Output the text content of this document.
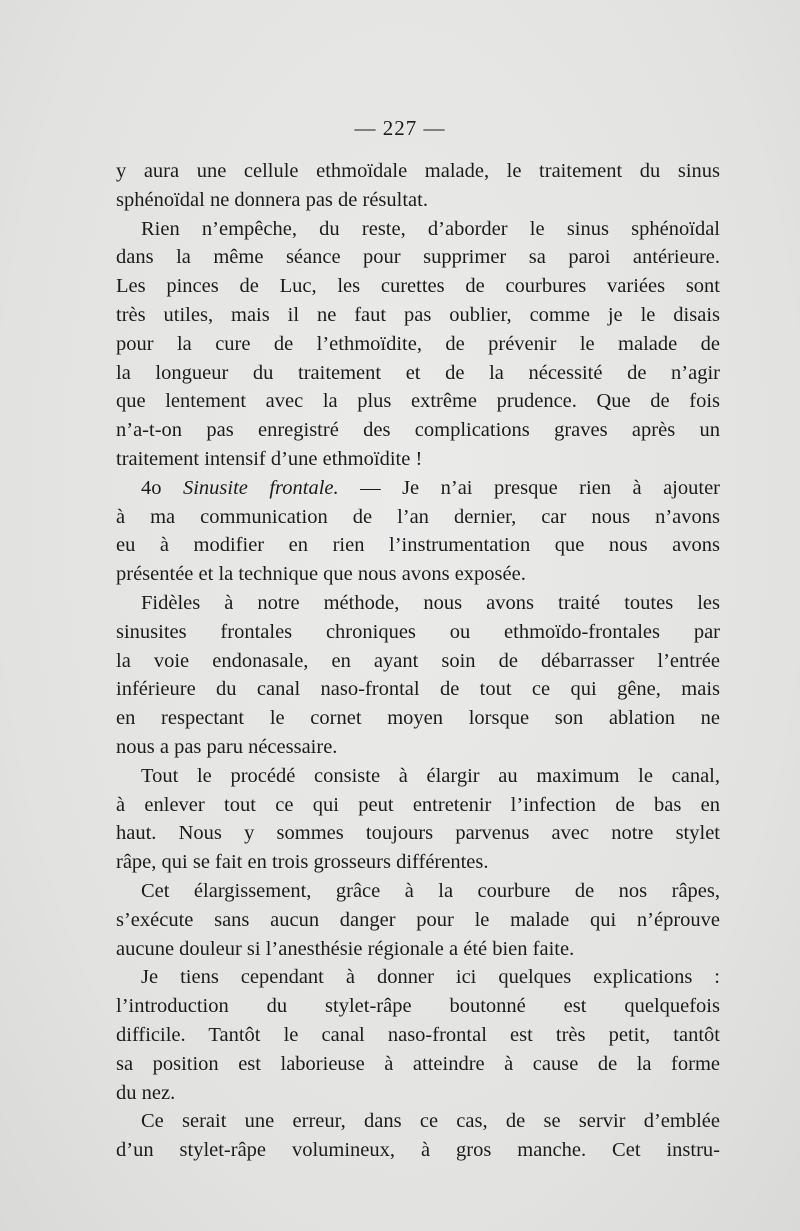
— 227 —
y aura une cellule ethmoïdale malade, le traitement du sinus
sphénoïdal ne donnera pas de résultat.
Rien n’empêche, du reste, d’aborder le sinus sphénoïdal
dans la même séance pour supprimer sa paroi antérieure.
Les pinces de Luc, les curettes de courbures variées sont
très utiles, mais il ne faut pas oublier, comme je le disais
pour la cure de l’ethmoïdite, de prévenir le malade de
la longueur du traitement et de la nécessité de n’agir
que lentement avec la plus extrême prudence. Que de fois
n’a-t-on pas enregistré des complications graves après un
traitement intensif d’une ethmoïdite !
4o Sinusite frontale. — Je n’ai presque rien à ajouter
à ma communication de l’an dernier, car nous n’avons
eu à modifier en rien l’instrumentation que nous avons
présentée et la technique que nous avons exposée.
Fidèles à notre méthode, nous avons traité toutes les
sinusites frontales chroniques ou ethmoïdo-frontales par
la voie endonasale, en ayant soin de débarrasser l’entrée
inférieure du canal naso-frontal de tout ce qui gêne, mais
en respectant le cornet moyen lorsque son ablation ne
nous a pas paru nécessaire.
Tout le procédé consiste à élargir au maximum le canal,
à enlever tout ce qui peut entretenir l’infection de bas en
haut. Nous y sommes toujours parvenus avec notre stylet
râpe, qui se fait en trois grosseurs différentes.
Cet élargissement, grâce à la courbure de nos râpes,
s’exécute sans aucun danger pour le malade qui n’éprouve
aucune douleur si l’anesthésie régionale a été bien faite.
Je tiens cependant à donner ici quelques explications :
l’introduction du stylet-râpe boutonné est quelquefois
difficile. Tantôt le canal naso-frontal est très petit, tantôt
sa position est laborieuse à atteindre à cause de la forme
du nez.
Ce serait une erreur, dans ce cas, de se servir d’emblée
d’un stylet-râpe volumineux, à gros manche. Cet instru-
